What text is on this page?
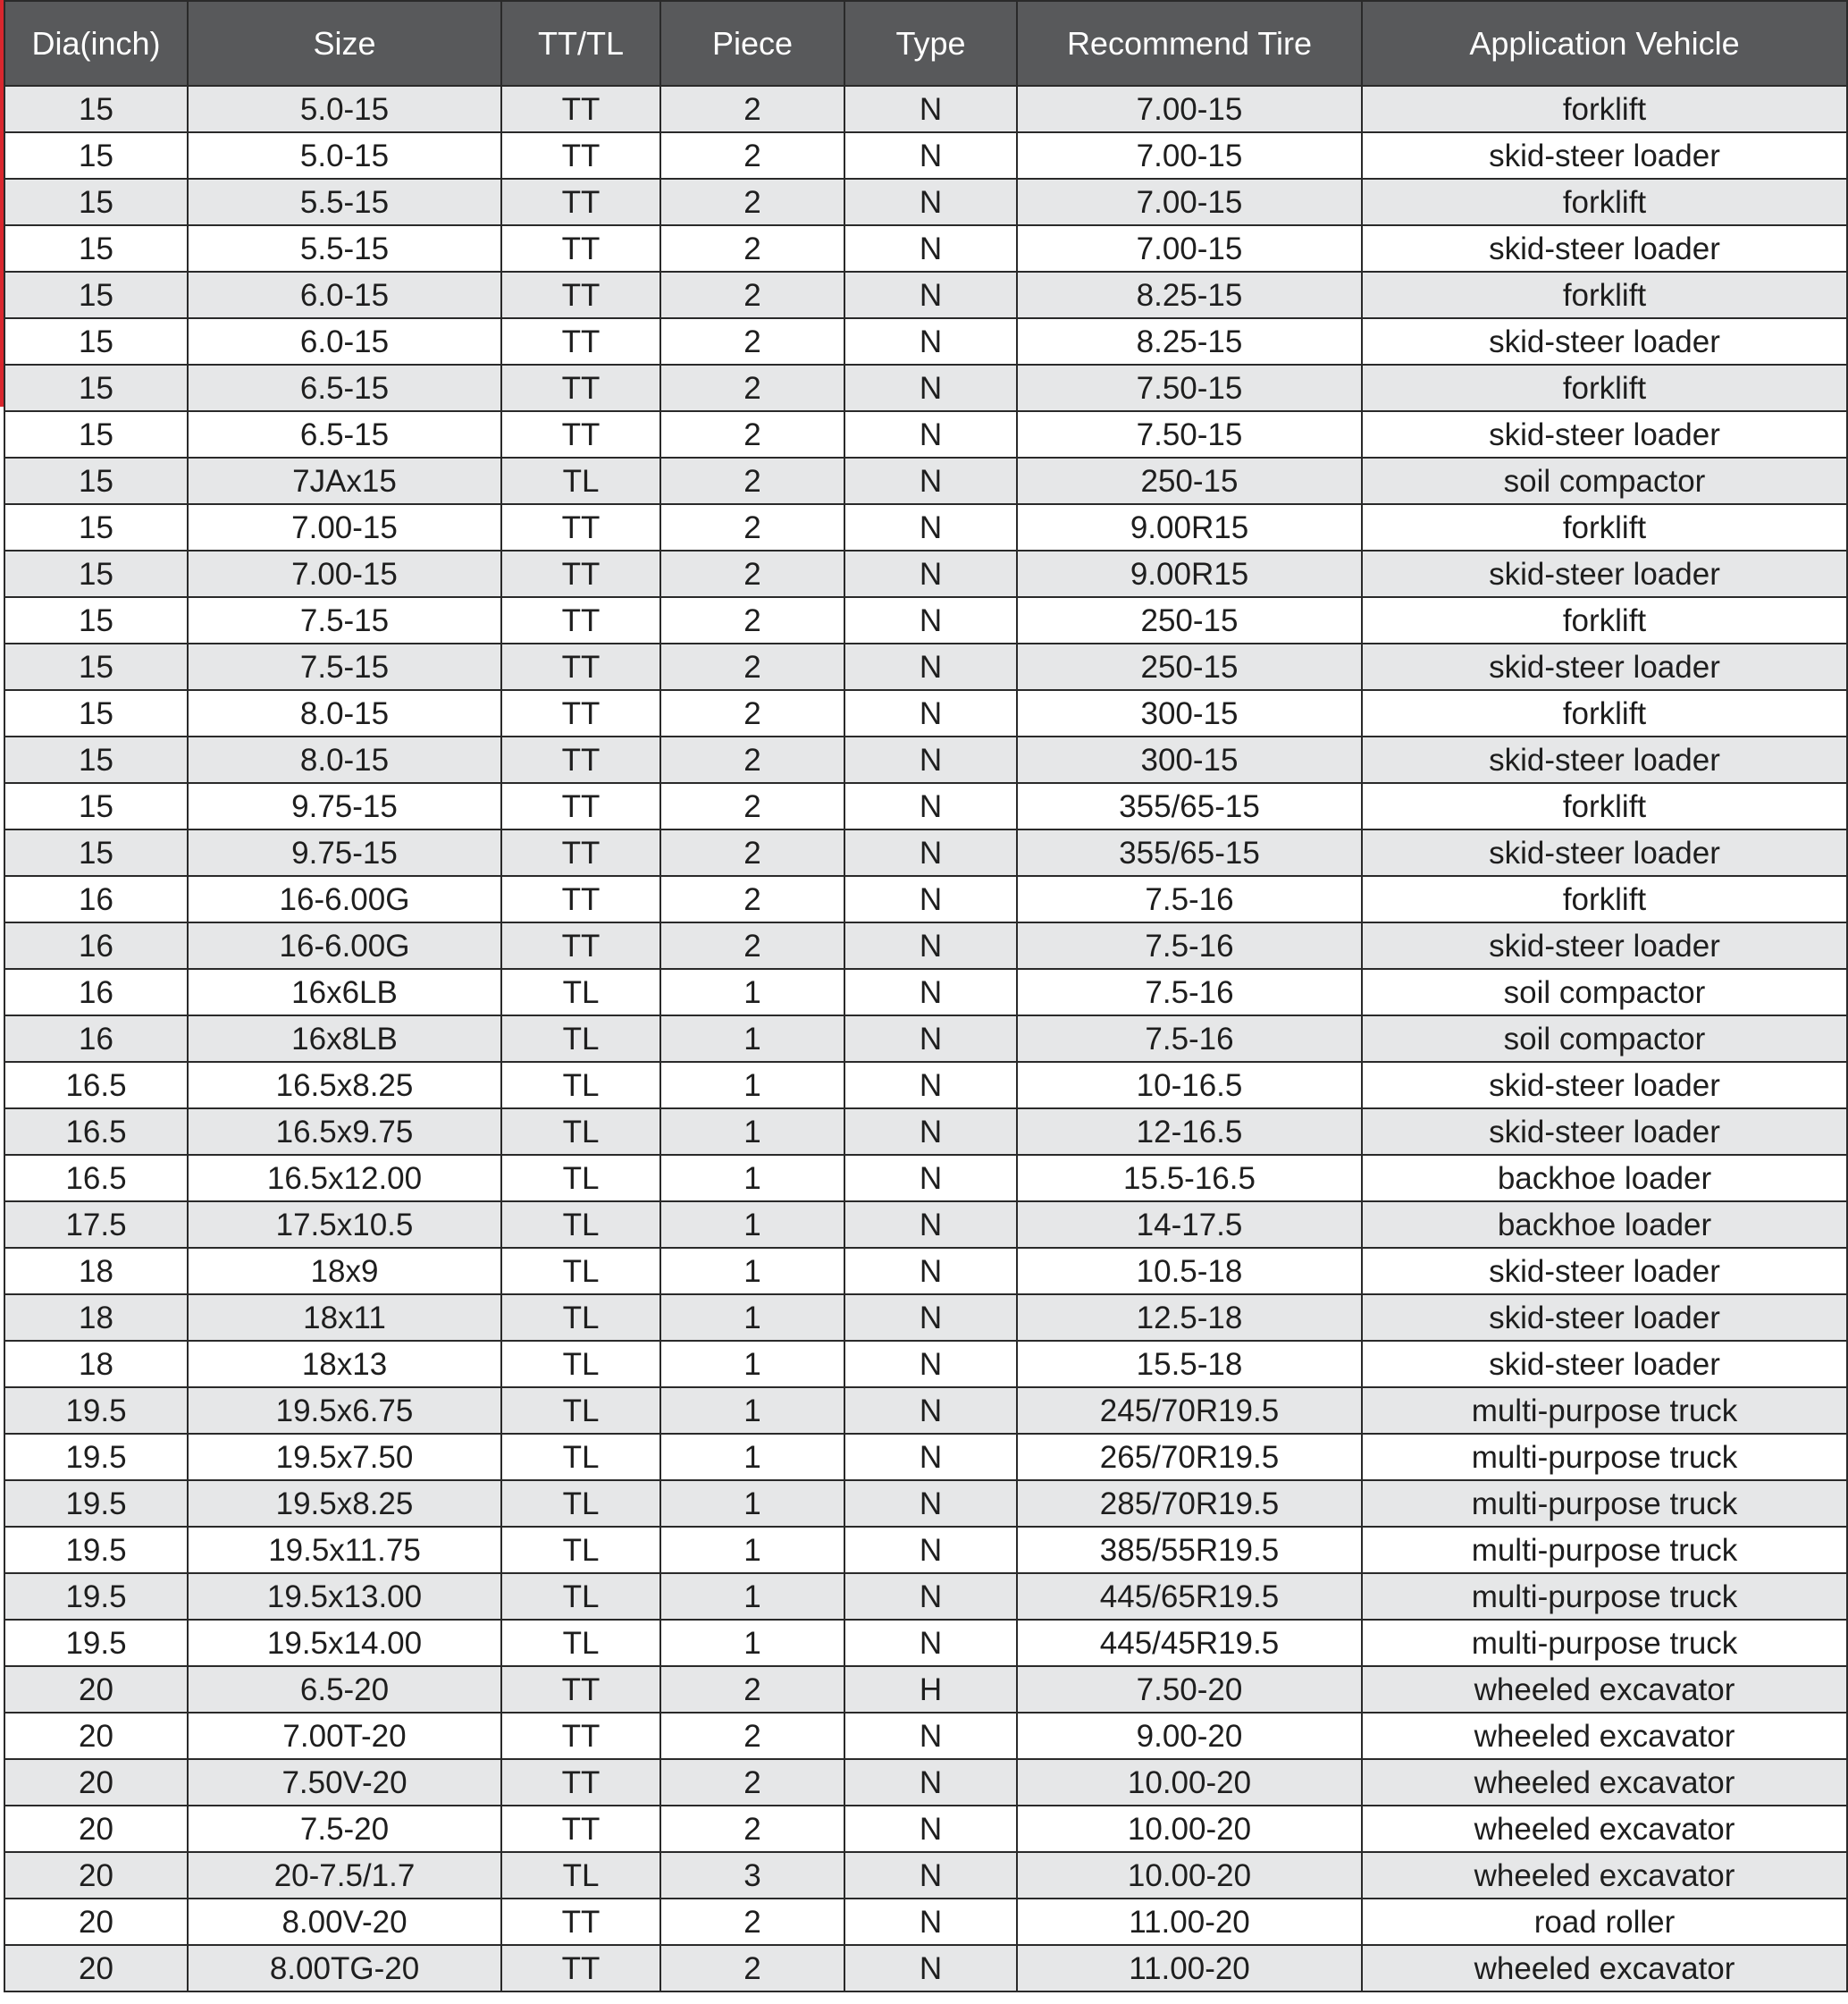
Dia(inch)	Size	TT/TL	Piece	Type	Recommend Tire	Application Vehicle
15	5.0-15	TT	2	N	7.00-15	forklift
15	5.0-15	TT	2	N	7.00-15	skid-steer loader
15	5.5-15	TT	2	N	7.00-15	forklift
15	5.5-15	TT	2	N	7.00-15	skid-steer loader
15	6.0-15	TT	2	N	8.25-15	forklift
15	6.0-15	TT	2	N	8.25-15	skid-steer loader
15	6.5-15	TT	2	N	7.50-15	forklift
15	6.5-15	TT	2	N	7.50-15	skid-steer loader
15	7JAx15	TL	2	N	250-15	soil compactor
15	7.00-15	TT	2	N	9.00R15	forklift
15	7.00-15	TT	2	N	9.00R15	skid-steer loader
15	7.5-15	TT	2	N	250-15	forklift
15	7.5-15	TT	2	N	250-15	skid-steer loader
15	8.0-15	TT	2	N	300-15	forklift
15	8.0-15	TT	2	N	300-15	skid-steer loader
15	9.75-15	TT	2	N	355/65-15	forklift
15	9.75-15	TT	2	N	355/65-15	skid-steer loader
16	16-6.00G	TT	2	N	7.5-16	forklift
16	16-6.00G	TT	2	N	7.5-16	skid-steer loader
16	16x6LB	TL	1	N	7.5-16	soil compactor
16	16x8LB	TL	1	N	7.5-16	soil compactor
16.5	16.5x8.25	TL	1	N	10-16.5	skid-steer loader
16.5	16.5x9.75	TL	1	N	12-16.5	skid-steer loader
16.5	16.5x12.00	TL	1	N	15.5-16.5	backhoe loader
17.5	17.5x10.5	TL	1	N	14-17.5	backhoe loader
18	18x9	TL	1	N	10.5-18	skid-steer loader
18	18x11	TL	1	N	12.5-18	skid-steer loader
18	18x13	TL	1	N	15.5-18	skid-steer loader
19.5	19.5x6.75	TL	1	N	245/70R19.5	multi-purpose truck
19.5	19.5x7.50	TL	1	N	265/70R19.5	multi-purpose truck
19.5	19.5x8.25	TL	1	N	285/70R19.5	multi-purpose truck
19.5	19.5x11.75	TL	1	N	385/55R19.5	multi-purpose truck
19.5	19.5x13.00	TL	1	N	445/65R19.5	multi-purpose truck
19.5	19.5x14.00	TL	1	N	445/45R19.5	multi-purpose truck
20	6.5-20	TT	2	H	7.50-20	wheeled excavator
20	7.00T-20	TT	2	N	9.00-20	wheeled excavator
20	7.50V-20	TT	2	N	10.00-20	wheeled excavator
20	7.5-20	TT	2	N	10.00-20	wheeled excavator
20	20-7.5/1.7	TL	3	N	10.00-20	wheeled excavator
20	8.00V-20	TT	2	N	11.00-20	road roller
20	8.00TG-20	TT	2	N	11.00-20	wheeled excavator
